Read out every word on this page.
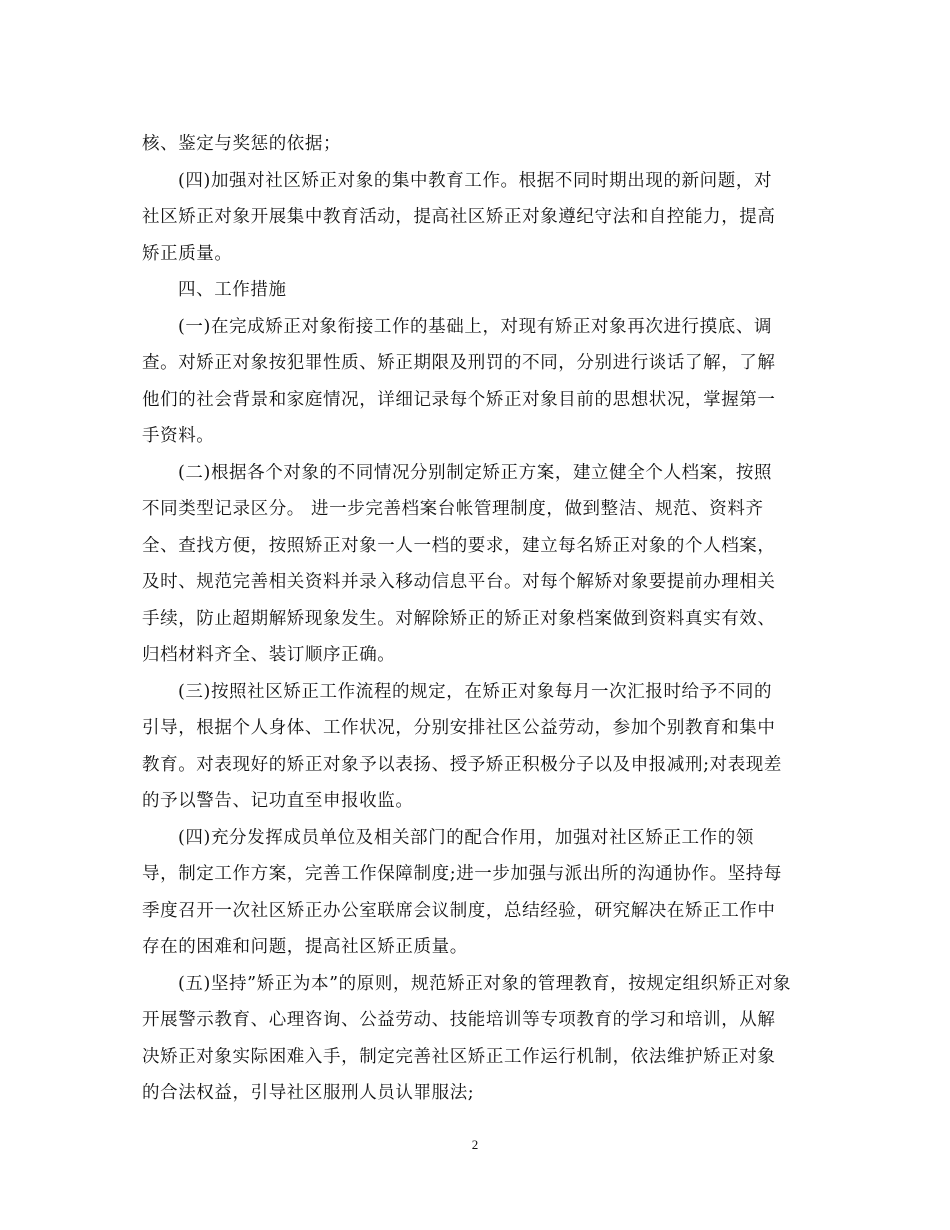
核、鉴定与奖惩的依据；
(四)加强对社区矫正对象的集中教育工作。根据不同时期出现的新问题，对
社区矫正对象开展集中教育活动，提高社区矫正对象遵纪守法和自控能力，提高
矫正质量。
四、工作措施
(一)在完成矫正对象衔接工作的基础上，对现有矫正对象再次进行摸底、调
查。对矫正对象按犯罪性质、矫正期限及刑罚的不同，分别进行谈话了解，了解
他们的社会背景和家庭情况，详细记录每个矫正对象目前的思想状况，掌握第一
手资料。
(二)根据各个对象的不同情况分别制定矫正方案，建立健全个人档案，按照
不同类型记录区分。 进一步完善档案台帐管理制度，做到整洁、规范、资料齐
全、查找方便，按照矫正对象一人一档的要求，建立每名矫正对象的个人档案，
及时、规范完善相关资料并录入移动信息平台。对每个解矫对象要提前办理相关
手续，防止超期解矫现象发生。对解除矫正的矫正对象档案做到资料真实有效、
归档材料齐全、装订顺序正确。
(三)按照社区矫正工作流程的规定，在矫正对象每月一次汇报时给予不同的
引导，根据个人身体、工作状况，分别安排社区公益劳动，参加个别教育和集中
教育。对表现好的矫正对象予以表扬、授予矫正积极分子以及申报减刑;对表现差
的予以警告、记功直至申报收监。
(四)充分发挥成员单位及相关部门的配合作用，加强对社区矫正工作的领
导，制定工作方案，完善工作保障制度;进一步加强与派出所的沟通协作。坚持每
季度召开一次社区矫正办公室联席会议制度，总结经验，研究解决在矫正工作中
存在的困难和问题，提高社区矫正质量。
(五)坚持”矫正为本”的原则，规范矫正对象的管理教育，按规定组织矫正对象
开展警示教育、心理咨询、公益劳动、技能培训等专项教育的学习和培训，从解
决矫正对象实际困难入手，制定完善社区矫正工作运行机制，依法维护矫正对象
的合法权益，引导社区服刑人员认罪服法;
2
